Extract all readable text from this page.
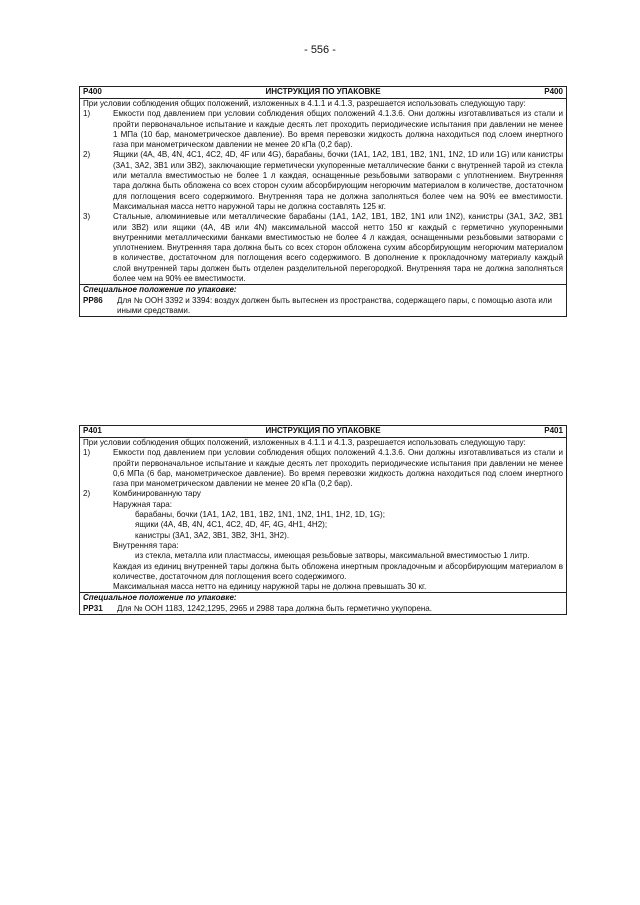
- 556 -
P400	ИНСТРУКЦИЯ ПО УПАКОВКЕ	P400

При условии соблюдения общих положений, изложенных в 4.1.1 и 4.1.3, разрешается использовать следующую тару:
1)	Емкости под давлением при условии соблюдения общих положений 4.1.3.6. Они должны изготавливаться из стали и пройти первоначальное испытание и каждые десять лет проходить периодические испытания при давлении не менее 1 МПа (10 бар, манометрическое давление). Во время перевозки жидкость должна находиться под слоем инертного газа при манометрическом давлении не менее 20 кПа (0,2 бар).
2)	Ящики (4A, 4B, 4N, 4C1, 4C2, 4D, 4F или 4G), барабаны, бочки (1A1, 1A2, 1B1, 1B2, 1N1, 1N2, 1D или 1G) или канистры (3A1, 3A2, 3B1 или 3B2), заключающие герметически укупоренные металлические банки с внутренней тарой из стекла или металла вместимостью не более 1 л каждая, оснащенные резьбовыми затворами с уплотнением. Внутренняя тара должна быть обложена со всех сторон сухим абсорбирующим негорючим материалом в количестве, достаточном для поглощения всего содержимого. Внутренняя тара не должна заполняться более чем на 90% ее вместимости. Максимальная масса нетто наружной тары не должна составлять 125 кг.
3)	Стальные, алюминиевые или металлические барабаны (1A1, 1A2, 1B1, 1B2, 1N1 или 1N2), канистры (3A1, 3A2, 3B1 или 3B2) или ящики (4A, 4B или 4N) максимальной массой нетто 150 кг каждый с герметично укупоренными внутренними металлическими банками вместимостью не более 4 л каждая, оснащенными резьбовыми затворами с уплотнением. Внутренняя тара должна быть со всех сторон обложена сухим абсорбирующим негорючим материалом в количестве, достаточном для поглощения всего содержимого. В дополнение к прокладочному материалу каждый слой внутренней тары должен быть отделен разделительной перегородкой. Внутренняя тара не должна заполняться более чем на 90% ее вместимости.

Специальное положение по упаковке:
PP86	Для № ООН 3392 и 3394: воздух должен быть вытеснен из пространства, содержащего пары, с помощью азота или иными средствами.
P401	ИНСТРУКЦИЯ ПО УПАКОВКЕ	P401

При условии соблюдения общих положений, изложенных в 4.1.1 и 4.1.3, разрешается использовать следующую тару:
1)	Емкости под давлением при условии соблюдения общих положений 4.1.3.6. Они должны изготавливаться из стали и пройти первоначальное испытание и каждые десять лет проходить периодические испытания при давлении не менее 0,6 МПа (6 бар, манометрическое давление). Во время перевозки жидкость должна находиться под слоем инертного газа при манометрическом давлении не менее 20 кПа (0,2 бар).
2)	Комбинированную тару
Наружная тара:
барабаны, бочки (1A1, 1A2, 1B1, 1B2, 1N1, 1N2, 1H1, 1H2, 1D, 1G);
ящики (4A, 4B, 4N, 4C1, 4C2, 4D, 4F, 4G, 4H1, 4H2);
канистры (3A1, 3A2, 3B1, 3B2, 3H1, 3H2).
Внутренняя тара:
из стекла, металла или пластмассы, имеющая резьбовые затворы, максимальной вместимостью 1 литр.
Каждая из единиц внутренней тары должна быть обложена инертным прокладочным и абсорбирующим материалом в количестве, достаточном для поглощения всего содержимого.
Максимальная масса нетто на единицу наружной тары не должна превышать 30 кг.

Специальное положение по упаковке:
PP31	Для № ООН 1183, 1242,1295, 2965 и 2988 тара должна быть герметично укупорена.
